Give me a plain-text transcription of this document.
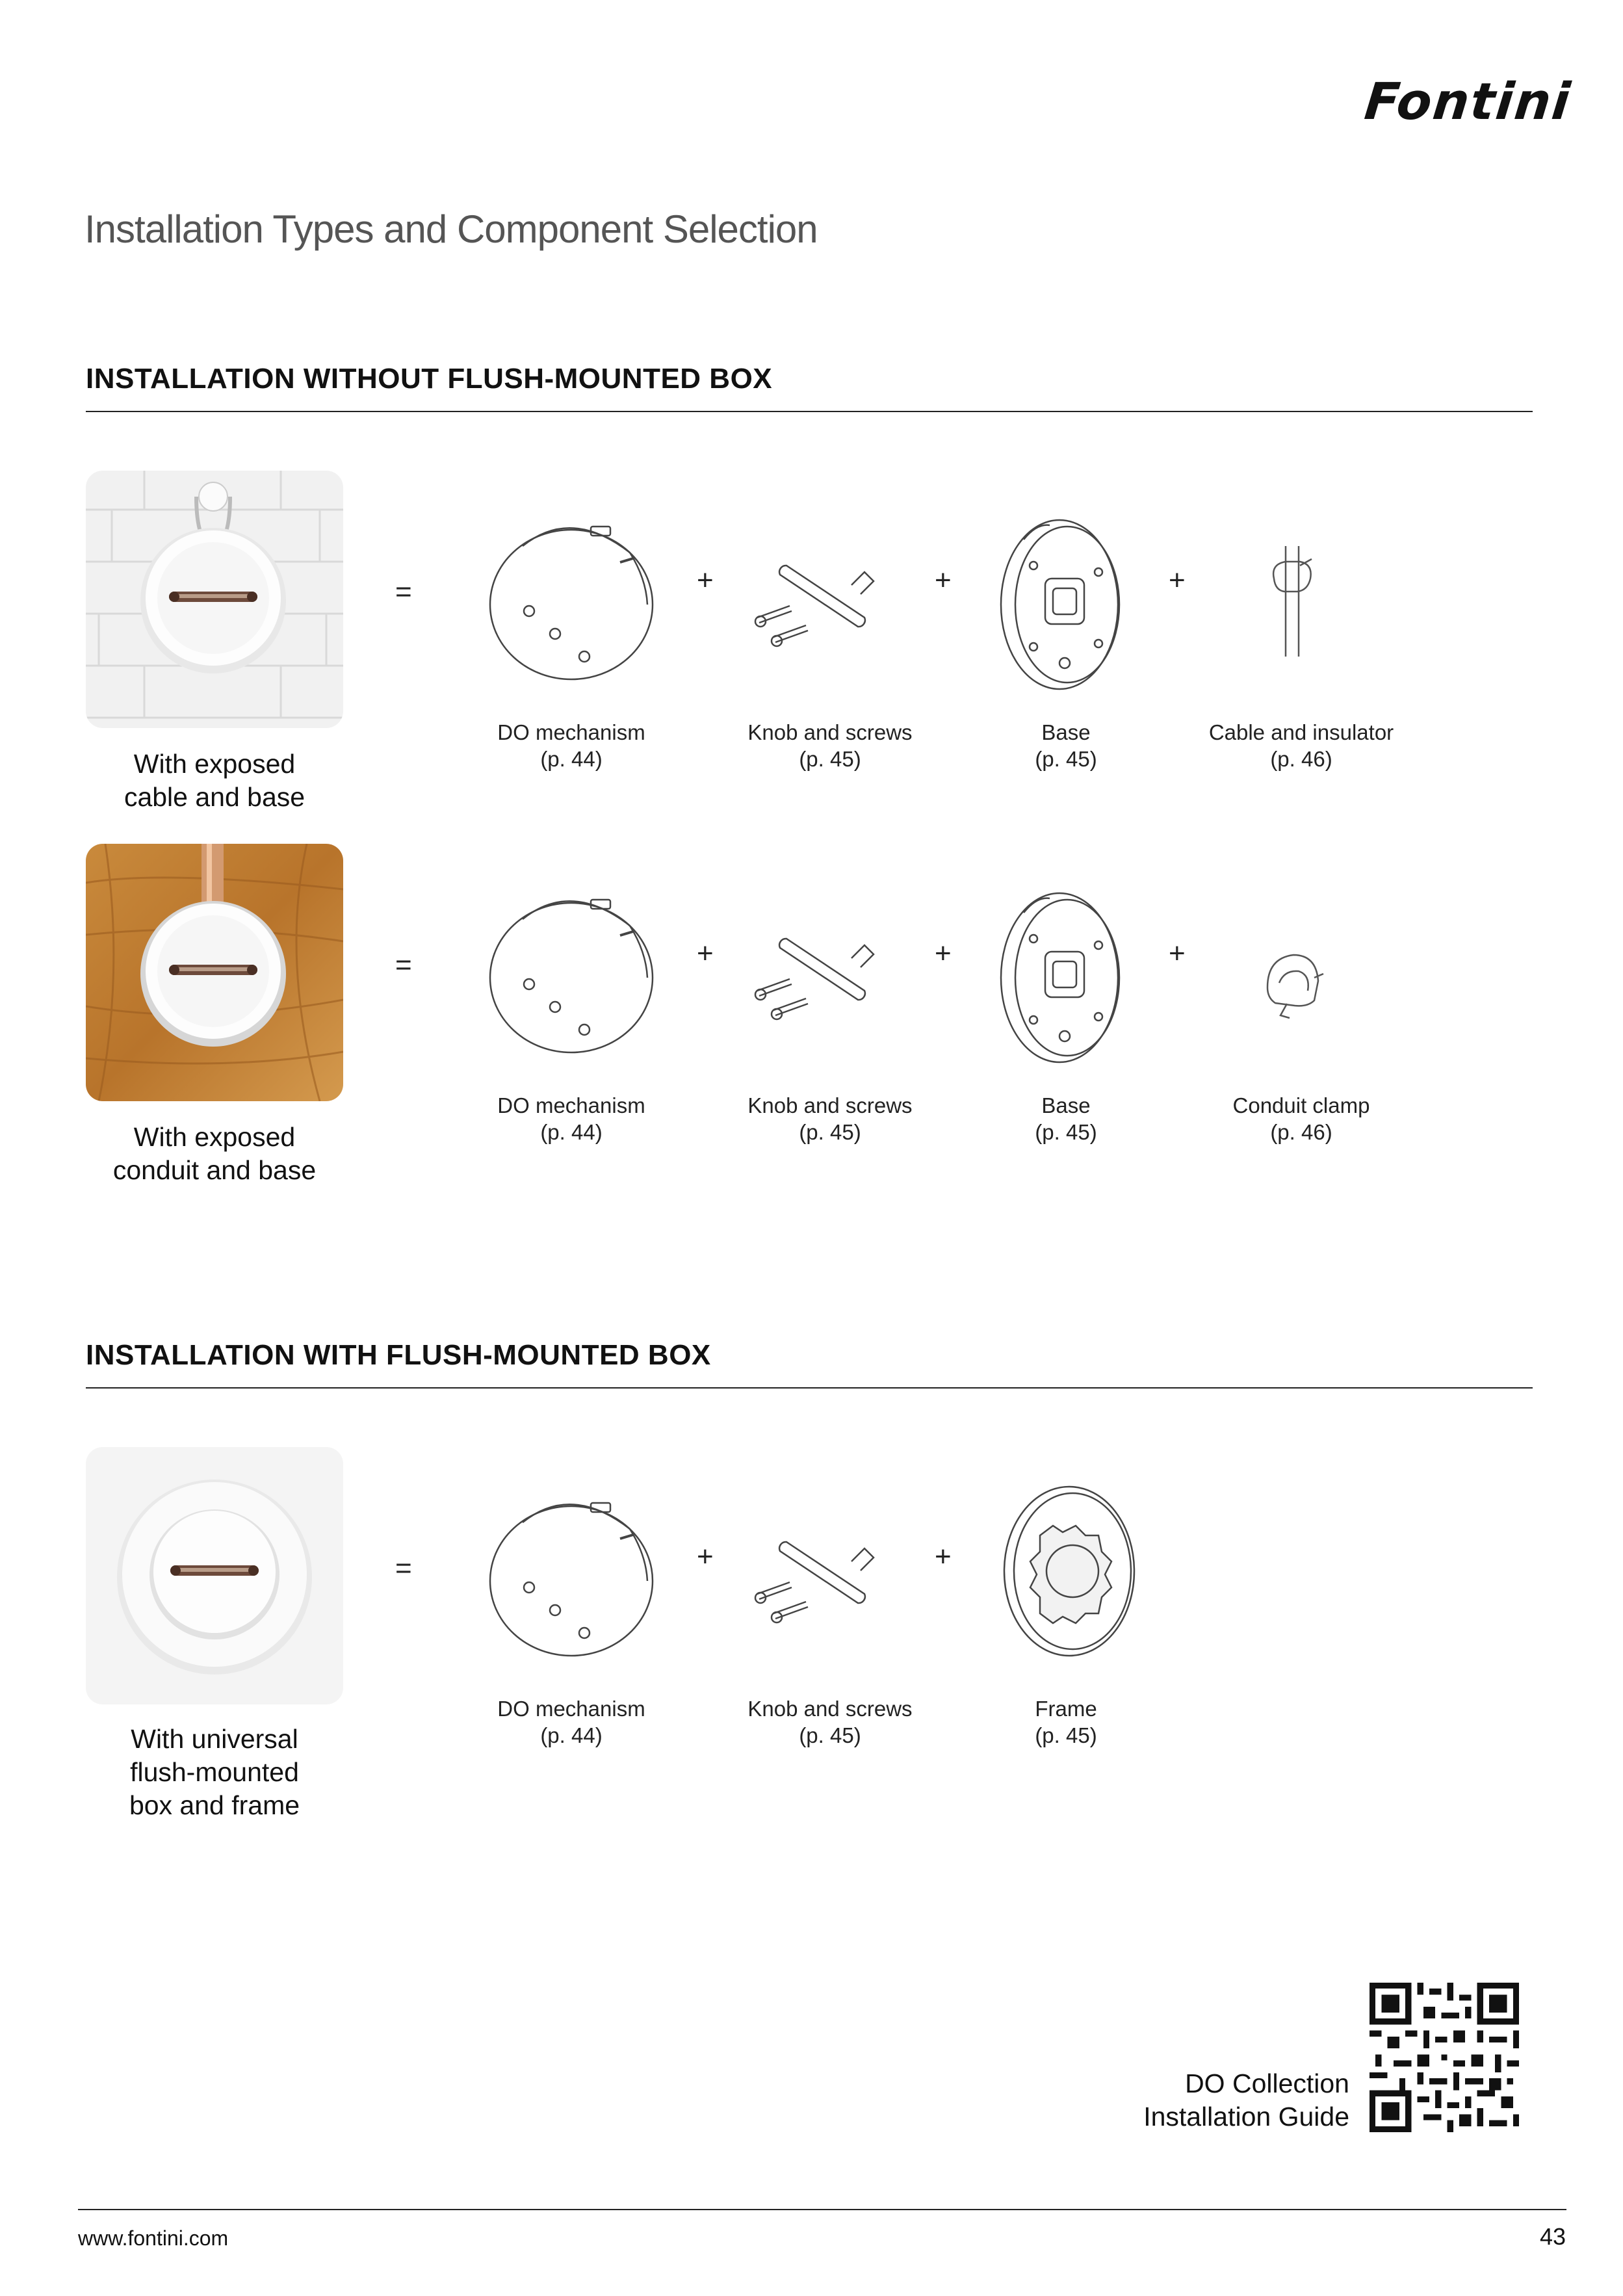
Fontini
Installation Types and Component Selection
INSTALLATION WITHOUT FLUSH-MOUNTED BOX
With exposed
cable and base
=	+	+	+
DO mechanism
(p. 44)
Knob and screws
(p. 45)
Base
(p. 45)
Cable and insulator
(p. 46)
With exposed
conduit and base
=	+	+	+
DO mechanism
(p. 44)
Knob and screws
(p. 45)
Base
(p. 45)
Conduit clamp
(p. 46)
INSTALLATION WITH FLUSH-MOUNTED BOX
With universal
flush-mounted
box and frame
=	+	+
DO mechanism
(p. 44)
Knob and screws
(p. 45)
Frame
(p. 45)
DO Collection
Installation Guide
www.fontini.com	43
